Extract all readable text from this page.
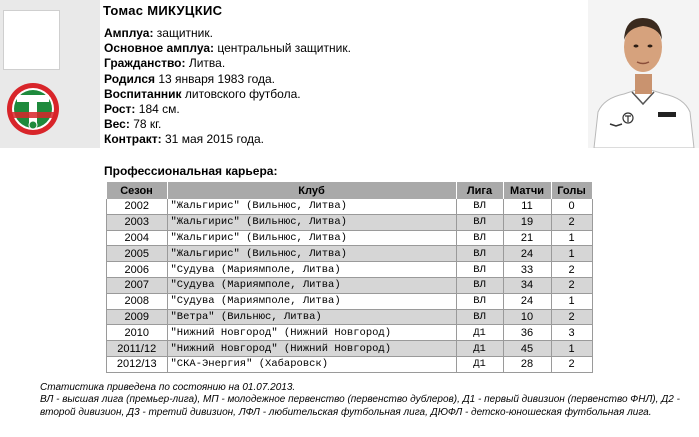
Томас МИКУЦКИС
Амплуа: защитник.
Основное амплуа: центральный защитник.
Гражданство: Литва.
Родился 13 января 1983 года.
Воспитанник литовского футбола.
Рост: 184 см.
Вес: 78 кг.
Контракт: 31 мая 2015 года.
Профессиональная карьера:
Сезон	Клуб	Лига	Матчи	Голы
2002	"Жальгирис" (Вильнюс, Литва)	ВЛ	11	0
2003	"Жальгирис" (Вильнюс, Литва)	ВЛ	19	2
2004	"Жальгирис" (Вильнюс, Литва)	ВЛ	21	1
2005	"Жальгирис" (Вильнюс, Литва)	ВЛ	24	1
2006	"Судува (Мариямполе, Литва)	ВЛ	33	2
2007	"Судува (Мариямполе, Литва)	ВЛ	34	2
2008	"Судува (Мариямполе, Литва)	ВЛ	24	1
2009	"Ветра" (Вильнюс, Литва)	ВЛ	10	2
2010	"Нижний Новгород" (Нижний Новгород)	Д1	36	3
2011/12	"Нижний Новгород" (Нижний Новгород)	Д1	45	1
2012/13	"СКА-Энергия" (Хабаровск)	Д1	28	2
Статистика приведена по состоянию на 01.07.2013.
ВЛ - высшая лига (премьер-лига), МП - молодежное первенство (первенство дублеров), Д1 - первый дивизион (первенство ФНЛ), Д2 - второй дивизион, Д3 - третий дивизион, ЛФЛ - любительская футбольная лига, ДЮФЛ - детско-юношеская футбольная лига.
